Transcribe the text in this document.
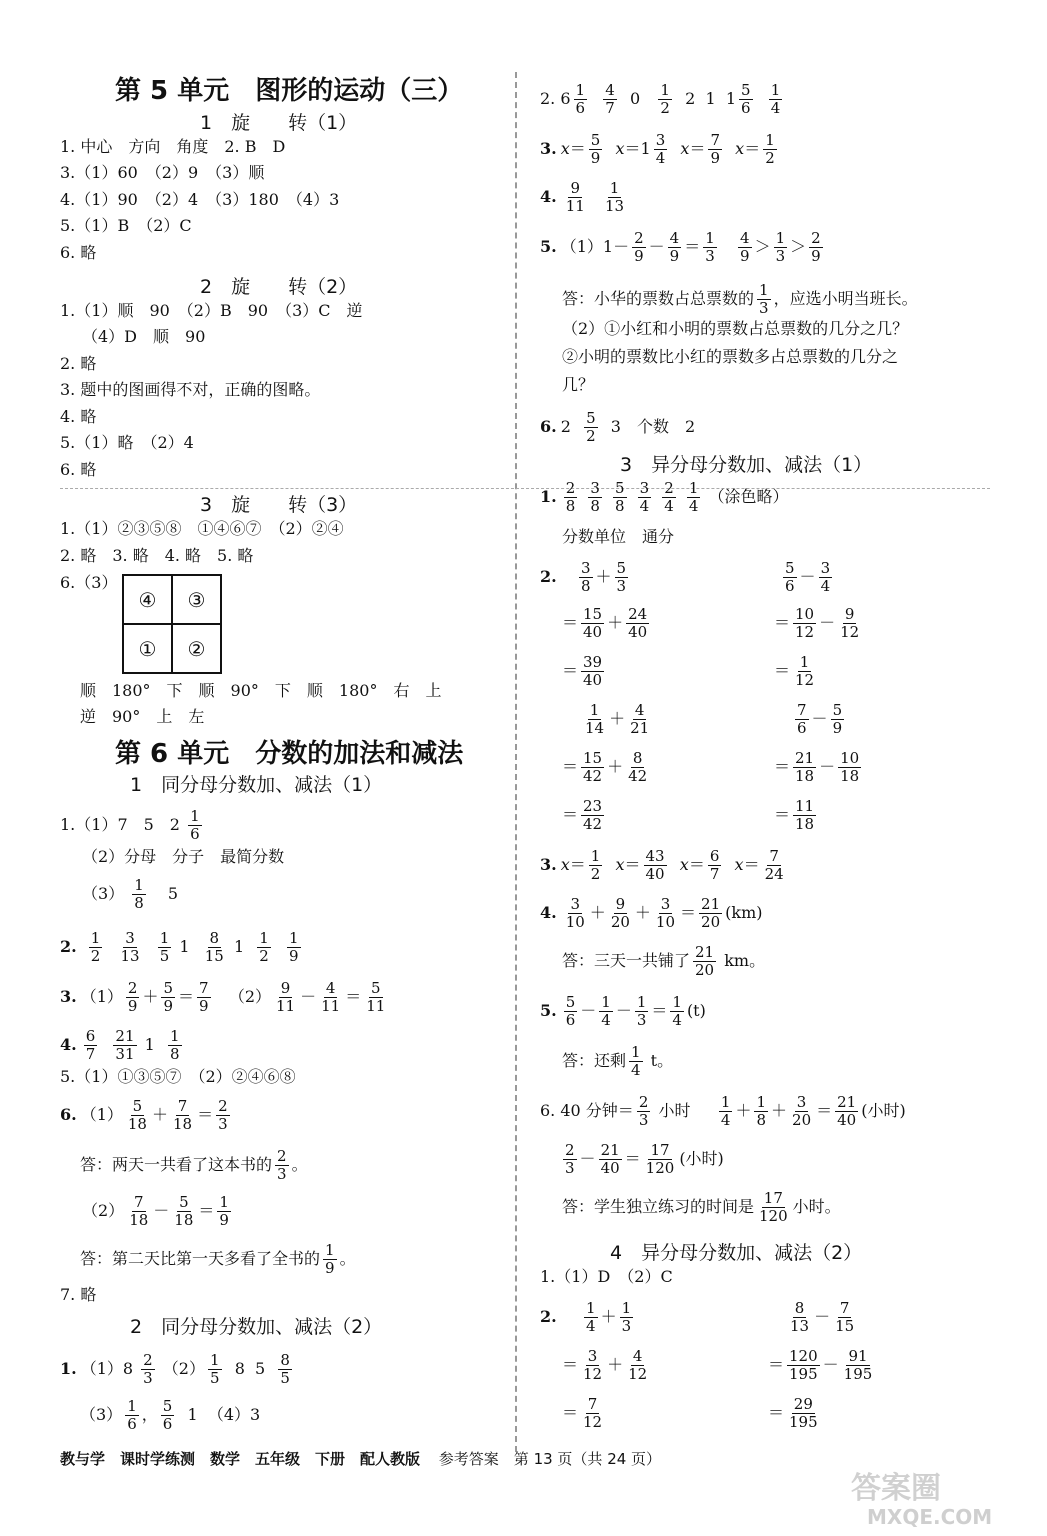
第 5 单元　图形的运动（三）
1　旋　　转（1）
1. 中心　方向　角度　2. B　D
3.（1）60　（2）9　（3）顺
4.（1）90　（2）4　（3）180　（4）3
5.（1）B　（2）C
6. 略
2　旋　　转（2）
1.（1）顺　90　（2）B　90　（3）C　逆
（4）D　顺　90
2. 略
3. 题中的图画得不对，正确的图略。
4. 略
5.（1）略　（2）4
6. 略
3　旋　　转（3）
1.（1）②③⑤⑧　①④⑥⑦　（2）②④
2. 略　3. 略　4. 略　5. 略
6.（3）
顺　180°　下　顺　90°　下　顺　180°　右　上
逆　90°　上　左
第 6 单元　分数的加法和减法
1　同分母分数加、减法（1）
1.（1）7　5　$2 \frac{1}{6}$
（2）分母　分子　最简分数
$(3) \frac{1}{8} 5$
2. $\frac{1}{2}$
$\frac{3}{13}$
$\frac{1}{5} 1 \frac{8}{15} 1 \frac{1}{2}$
$\frac{1}{9}$
3. $(1) \frac{2}{9} + \frac{5}{9} = \frac{7}{9} (2) \frac{9}{11} - \frac{4}{11} = \frac{5}{11}$
4. $\frac{6}{7}$
$\frac{21}{31} 1 \frac{1}{8}$
5.（1）①③⑤⑦　（2）②④⑥⑧
6. $(1) \frac{5}{18} + \frac{7}{18} = \frac{2}{3}$
答：两天一共看了这本书的 $\frac{2}{3}$ 。
$(2) \frac{7}{18} - \frac{5}{18} = \frac{1}{9}$
答：第二天比第一天多看了全书的 $\frac{1}{9}$ 。
7. 略
2　同分母分数加、减法（2）
1. $(1)8 \frac{2}{3} (2) \frac{1}{5} 8$  $5 \frac{8}{5}$
$(3) \frac{1}{6}$ ， $\frac{5}{6} 1$  （4）3
④	③
①	②
2. $6 \frac{1}{6}$
$\frac{4}{7} 0 \frac{1}{2} 2$  1  $1 \frac{5}{6}$
$\frac{1}{4}$
3. $x= \frac{5}{9} x=1 \frac{3}{4} x= \frac{7}{9} x= \frac{1}{2}$
4. $\frac{9}{11}$
$\frac{1}{13}$
5. $(1)1- \frac{2}{9} - \frac{4}{9} = \frac{1}{3}$
$\frac{4}{9} > \frac{1}{3} > \frac{2}{9}$
答：小华的票数占总票数的 $\frac{1}{3}$ ，应选小明当班长。
（2）①小红和小明的票数占总票数的几分之几？
②小明的票数比小红的票数多占总票数的几分之
几？
6. $2 \frac{5}{2} 3$　个数　2
3　异分母分数加、减法（1）
1. $\frac{2}{8}$
$\frac{3}{8}$
$\frac{5}{8}$
$\frac{3}{4}$
$\frac{2}{4}$
$\frac{1}{4}$ （涂色略）
分数单位　通分
2. $\frac{3}{8} + \frac{5}{3}$	$\frac{5}{6} - \frac{3}{4}$
＝ $\frac{15}{40} + \frac{24}{40}$	＝ $\frac{10}{12} - \frac{9}{12}$
＝ $\frac{39}{40}$	＝ $\frac{1}{12}$
$\frac{1}{14} + \frac{4}{21}$	$\frac{7}{6} - \frac{5}{9}$
＝ $\frac{15}{42} + \frac{8}{42}$	＝ $\frac{21}{18} - \frac{10}{18}$
＝ $\frac{23}{42}$	＝ $\frac{11}{18}$
3. $x= \frac{1}{2} x= \frac{43}{40} x= \frac{6}{7} x= \frac{7}{24}$
4. $\frac{3}{10} + \frac{9}{20} + \frac{3}{10} = \frac{21}{20} (km)$
答：三天一共铺了 $\frac{21}{20}$ km。
5. $\frac{5}{6} - \frac{1}{4} - \frac{1}{3} = \frac{1}{4} (t)$
答：还剩 $\frac{1}{4}$ t。
6. 40 分钟＝ $\frac{2}{3}$ 小时 $\frac{1}{4} + \frac{1}{8} + \frac{3}{20} = \frac{21}{40}$ (小时)
$\frac{2}{3} - \frac{21}{40} = \frac{17}{120}$ (小时)
答：学生独立练习的时间是 $\frac{17}{120}$ 小时。
4　异分母分数加、减法（2）
1.（1）D　（2）C
2. $\frac{1}{4} + \frac{1}{3}$	$\frac{8}{13} - \frac{7}{15}$
＝ $\frac{3}{12} + \frac{4}{12}$	＝ $\frac{120}{195} - \frac{91}{195}$
＝ $\frac{7}{12}$	＝ $\frac{29}{195}$
教与学　课时学练测　数学　五年级　下册　配人教版 参考答案　第 13 页（共 24 页）
答案圈
MXQE.COM
